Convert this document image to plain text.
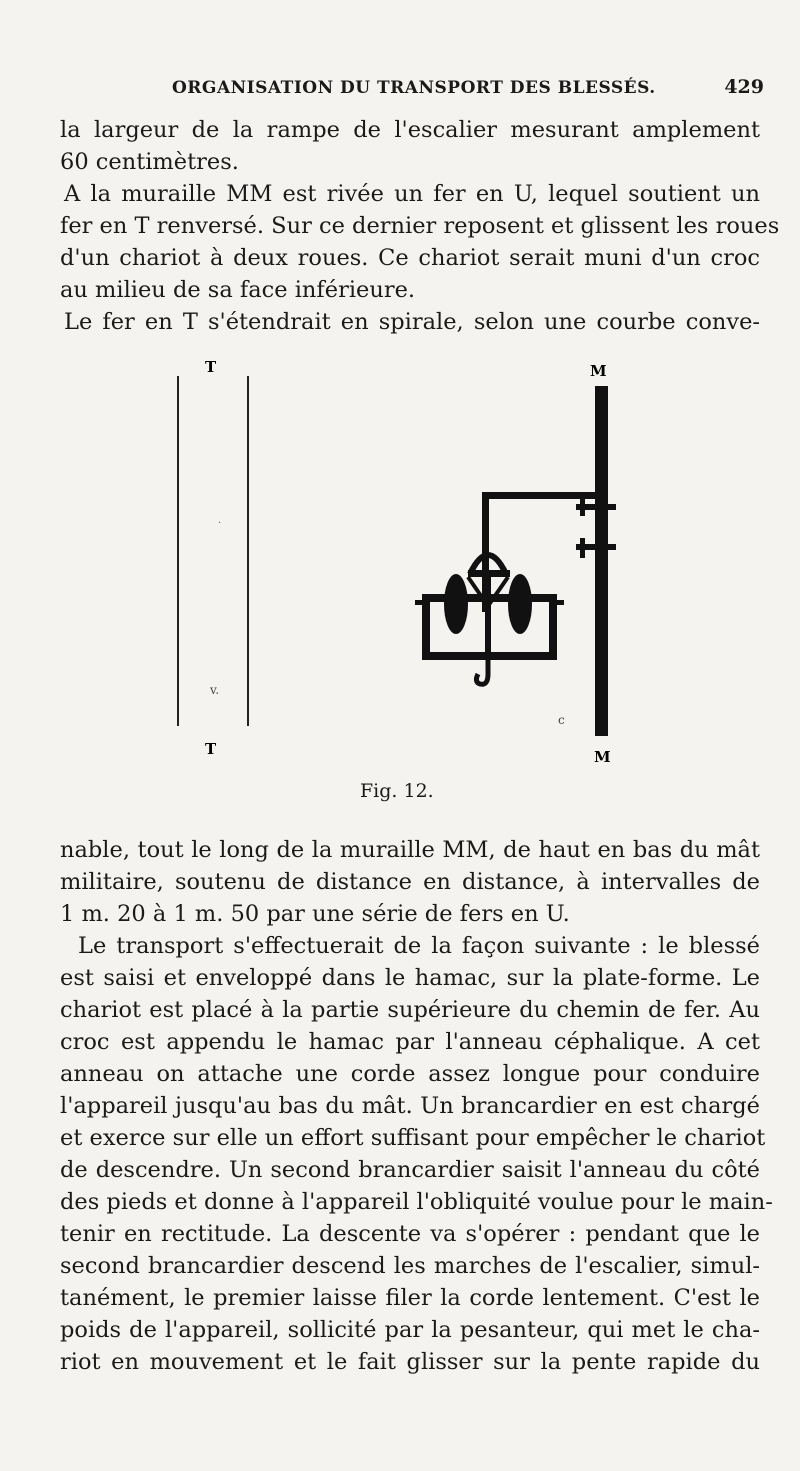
ORGANISATION DU TRANSPORT DES BLESSÉS.	429
la largeur de la rampe de l'escalier mesurant amplement
60 centimètres.
A la muraille MM est rivée un fer en U, lequel soutient un
fer en T renversé. Sur ce dernier reposent et glissent les roues
d'un chariot à deux roues. Ce chariot serait muni d'un croc
au milieu de sa face inférieure.
Le fer en T s'étendrait en spirale, selon une courbe conve-
T
T
M
M
·
v.
c
Fig. 12.
nable, tout le long de la muraille MM, de haut en bas du mât
militaire, soutenu de distance en distance, à intervalles de
1 m. 20 à 1 m. 50 par une série de fers en U.
Le transport s'effectuerait de la façon suivante : le blessé
est saisi et enveloppé dans le hamac, sur la plate-forme. Le
chariot est placé à la partie supérieure du chemin de fer. Au
croc est appendu le hamac par l'anneau céphalique. A cet
anneau on attache une corde assez longue pour conduire
l'appareil jusqu'au bas du mât. Un brancardier en est chargé
et exerce sur elle un effort suffisant pour empêcher le chariot
de descendre. Un second brancardier saisit l'anneau du côté
des pieds et donne à l'appareil l'obliquité voulue pour le main-
tenir en rectitude. La descente va s'opérer : pendant que le
second brancardier descend les marches de l'escalier, simul-
tanément, le premier laisse filer la corde lentement. C'est le
poids de l'appareil, sollicité par la pesanteur, qui met le cha-
riot en mouvement et le fait glisser sur la pente rapide du
